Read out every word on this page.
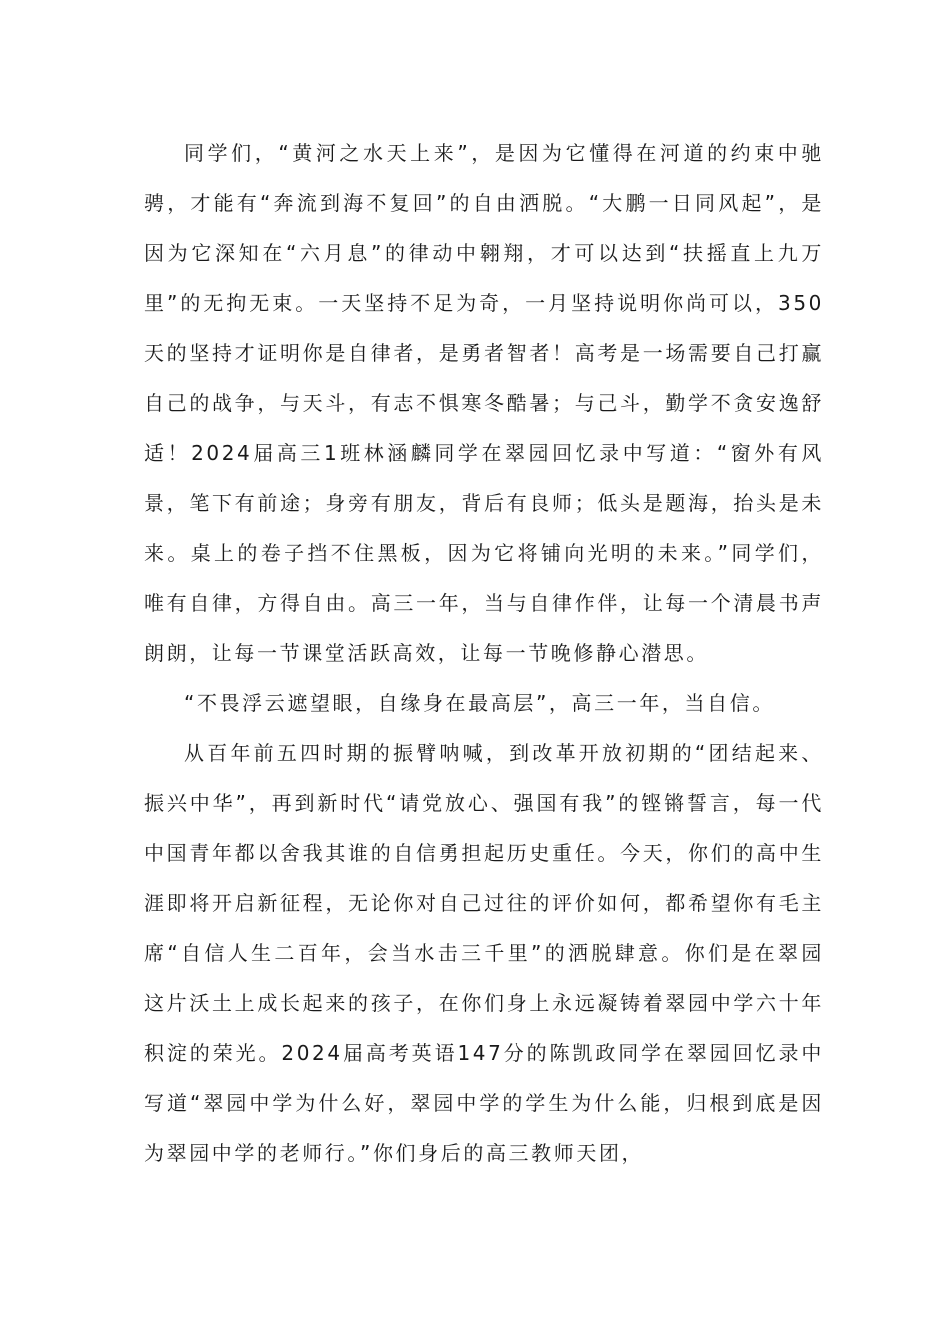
同学们，“黄河之水天上来”，是因为它懂得在河道的约束中驰骋，才能有“奔流到海不复回”的自由洒脱。“大鹏一日同风起”，是因为它深知在“六月息”的律动中翱翔，才可以达到“扶摇直上九万里”的无拘无束。一天坚持不足为奇，一月坚持说明你尚可以，350天的坚持才证明你是自律者，是勇者智者！高考是一场需要自己打赢自己的战争，与天斗，有志不惧寒冬酷暑；与己斗，勤学不贪安逸舒适！2024届高三1班林涵麟同学在翠园回忆录中写道：“窗外有风景，笔下有前途；身旁有朋友，背后有良师；低头是题海，抬头是未来。桌上的卷子挡不住黑板，因为它将铺向光明的未来。”同学们，唯有自律，方得自由。高三一年，当与自律作伴，让每一个清晨书声朗朗，让每一节课堂活跃高效，让每一节晚修静心潜思。

“不畏浮云遮望眼，自缘身在最高层”，高三一年，当自信。

从百年前五四时期的振臂呐喊，到改革开放初期的“团结起来、振兴中华”，再到新时代“请党放心、强国有我”的铿锵誓言，每一代中国青年都以舍我其谁的自信勇担起历史重任。今天，你们的高中生涯即将开启新征程，无论你对自己过往的评价如何，都希望你有毛主席“自信人生二百年，会当水击三千里”的洒脱肆意。你们是在翠园这片沃土上成长起来的孩子，在你们身上永远凝铸着翠园中学六十年积淀的荣光。2024届高考英语147分的陈凯政同学在翠园回忆录中写道“翠园中学为什么好，翠园中学的学生为什么能，归根到底是因为翠园中学的老师行。”你们身后的高三教师天团，
